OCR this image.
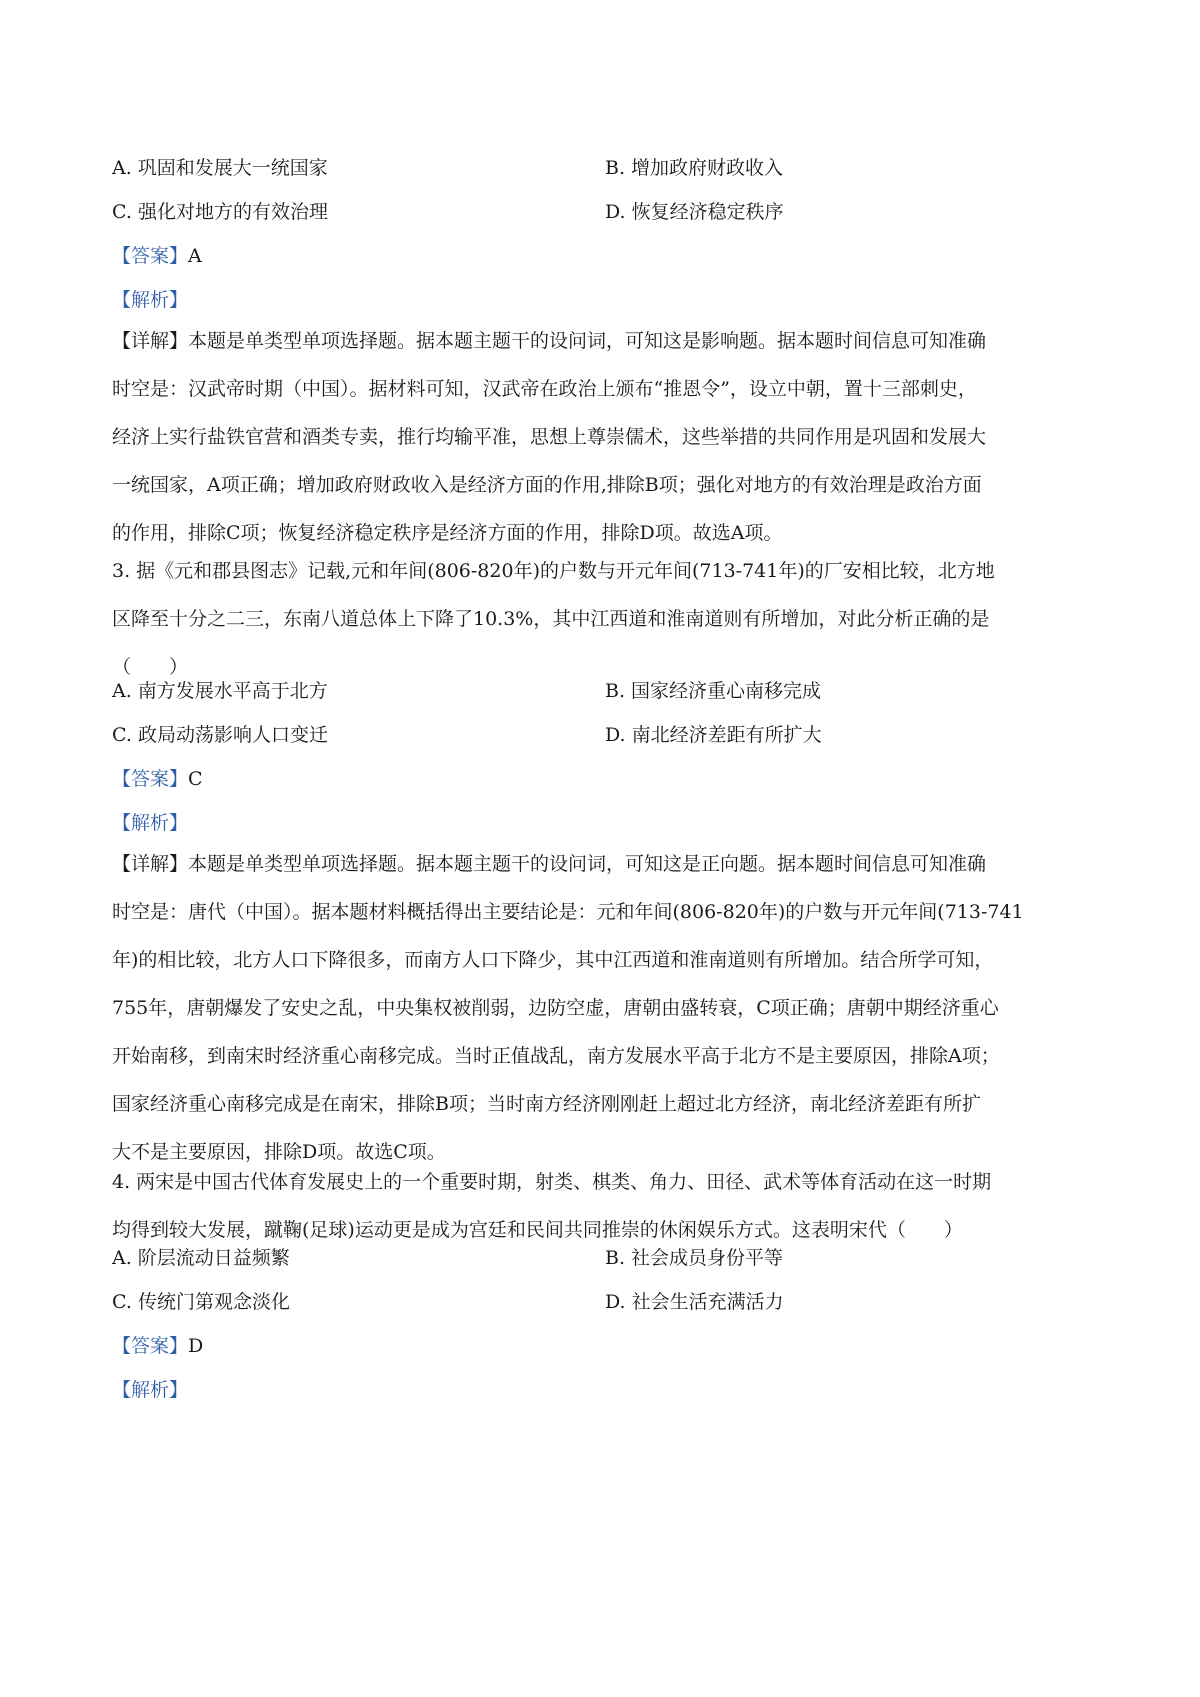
A. 巩固和发展大一统国家	B. 增加政府财政收入
C. 强化对地方的有效治理	D. 恢复经济稳定秩序
【答案】A
【解析】
【详解】本题是单类型单项选择题。据本题主题干的设问词，可知这是影响题。据本题时间信息可知准确
时空是：汉武帝时期（中国）。据材料可知，汉武帝在政治上颁布“推恩令”，设立中朝，置十三部刺史，
经济上实行盐铁官营和酒类专卖，推行均输平准，思想上尊崇儒术，这些举措的共同作用是巩固和发展大
一统国家，A项正确；增加政府财政收入是经济方面的作用,排除B项；强化对地方的有效治理是政治方面
的作用，排除C项；恢复经济稳定秩序是经济方面的作用，排除D项。故选A项。
3. 据《元和郡县图志》记载,元和年间(806-820年)的户数与开元年间(713-741年)的厂安相比较，北方地
区降至十分之二三，东南八道总体上下降了10.3%，其中江西道和淮南道则有所增加，对此分析正确的是
（　　）
A. 南方发展水平高于北方	B. 国家经济重心南移完成
C. 政局动荡影响人口变迁	D. 南北经济差距有所扩大
【答案】C
【解析】
【详解】本题是单类型单项选择题。据本题主题干的设问词，可知这是正向题。据本题时间信息可知准确
时空是：唐代（中国）。据本题材料概括得出主要结论是：元和年间(806-820年)的户数与开元年间(713-741
年)的相比较，北方人口下降很多，而南方人口下降少，其中江西道和淮南道则有所增加。结合所学可知，
755年，唐朝爆发了安史之乱，中央集权被削弱，边防空虚，唐朝由盛转衰，C项正确；唐朝中期经济重心
开始南移，到南宋时经济重心南移完成。当时正值战乱，南方发展水平高于北方不是主要原因，排除A项；
国家经济重心南移完成是在南宋，排除B项；当时南方经济刚刚赶上超过北方经济，南北经济差距有所扩
大不是主要原因，排除D项。故选C项。
4. 两宋是中国古代体育发展史上的一个重要时期，射类、棋类、角力、田径、武术等体育活动在这一时期
均得到较大发展，蹴鞠(足球)运动更是成为宫廷和民间共同推崇的休闲娱乐方式。这表明宋代（　　）
A. 阶层流动日益频繁	B. 社会成员身份平等
C. 传统门第观念淡化	D. 社会生活充满活力
【答案】D
【解析】
